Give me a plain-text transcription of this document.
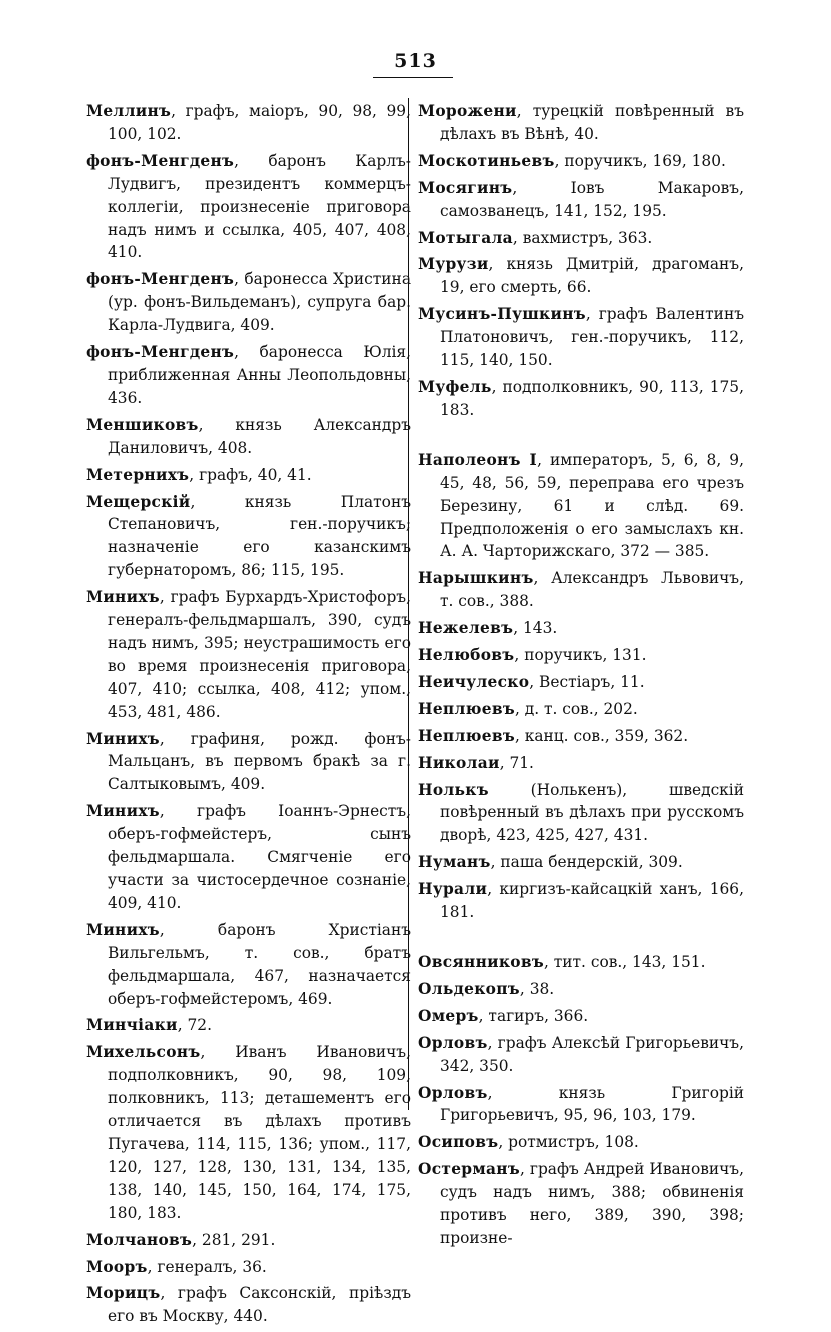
513
Меллинъ, графъ, маіоръ, 90, 98, 99, 100, 102.
фонъ-Менгденъ, баронъ Карлъ-Лудвигъ, президентъ коммерцъ-коллегіи, произнесеніе приговора надъ нимъ и ссылка, 405, 407, 408, 410.
фонъ-Менгденъ, баронесса Христина (ур. фонъ-Вильдеманъ), супруга бар. Карла-Лудвига, 409.
фонъ-Менгденъ, баронесса Юлія, приближенная Анны Леопольдовны, 436.
Меншиковъ, князь Александръ Даниловичъ, 408.
Метернихъ, графъ, 40, 41.
Мещерскій, князь Платонъ Степановичъ, ген.-поручикъ; назначеніе его казанскимъ губернаторомъ, 86; 115, 195.
Минихъ, графъ Бурхардъ-Христофоръ, генералъ-фельдмаршалъ, 390, судъ надъ нимъ, 395; неустрашимость его во время произнесенія приговора, 407, 410; ссылка, 408, 412; упом., 453, 481, 486.
Минихъ, графиня, рожд. фонъ-Мальцанъ, въ первомъ бракѣ за г. Салтыковымъ, 409.
Минихъ, графъ Іоаннъ-Эрнестъ, оберъ-гофмейстеръ, сынъ фельдмаршала. Смягченіе его участи за чистосердечное сознаніе, 409, 410.
Минихъ, баронъ Христіанъ Вильгельмъ, т. сов., братъ фельдмаршала, 467, назначается оберъ-гофмейстеромъ, 469.
Минчіаки, 72.
Михельсонъ, Иванъ Ивановичъ, подполковникъ, 90, 98, 109, полковникъ, 113; деташементъ его отличается въ дѣлахъ противъ Пугачева, 114, 115, 136; упом., 117, 120, 127, 128, 130, 131, 134, 135, 138, 140, 145, 150, 164, 174, 175, 180, 183.
Молчановъ, 281, 291.
Мооръ, генералъ, 36.
Морицъ, графъ Саксонскій, пріѣздъ его въ Москву, 440.
Морожени, турецкій повѣренный въ дѣлахъ въ Вѣнѣ, 40.
Москотиньевъ, поручикъ, 169, 180.
Мосягинъ, Іовъ Макаровъ, самозванецъ, 141, 152, 195.
Мотыгала, вахмистръ, 363.
Мурузи, князь Дмитрій, драгоманъ, 19, его смерть, 66.
Мусинъ-Пушкинъ, графъ Валентинъ Платоновичъ, ген.-поручикъ, 112, 115, 140, 150.
Муфель, подполковникъ, 90, 113, 175, 183.
Наполеонъ I, императоръ, 5, 6, 8, 9, 45, 48, 56, 59, переправа его чрезъ Березину, 61 и слѣд. 69. Предположенія о его замыслахъ кн. А. А. Чарторижскаго, 372 — 385.
Нарышкинъ, Александръ Львовичъ, т. сов., 388.
Нежелевъ, 143.
Нелюбовъ, поручикъ, 131.
Неичулеско, Вестіаръ, 11.
Неплюевъ, д. т. сов., 202.
Неплюевъ, канц. сов., 359, 362.
Николаи, 71.
Нолькъ (Нолькенъ), шведскій повѣренный въ дѣлахъ при русскомъ дворѣ, 423, 425, 427, 431.
Нуманъ, паша бендерскій, 309.
Нурали, киргизъ-кайсацкій ханъ, 166, 181.
Овсянниковъ, тит. сов., 143, 151.
Ольдекопъ, 38.
Омеръ, тагиръ, 366.
Орловъ, графъ Алексѣй Григорьевичъ, 342, 350.
Орловъ, князь Григорій Григорьевичъ, 95, 96, 103, 179.
Осиповъ, ротмистръ, 108.
Остерманъ, графъ Андрей Ивановичъ, судъ надъ нимъ, 388; обвиненія противъ него, 389, 390, 398; произне-
